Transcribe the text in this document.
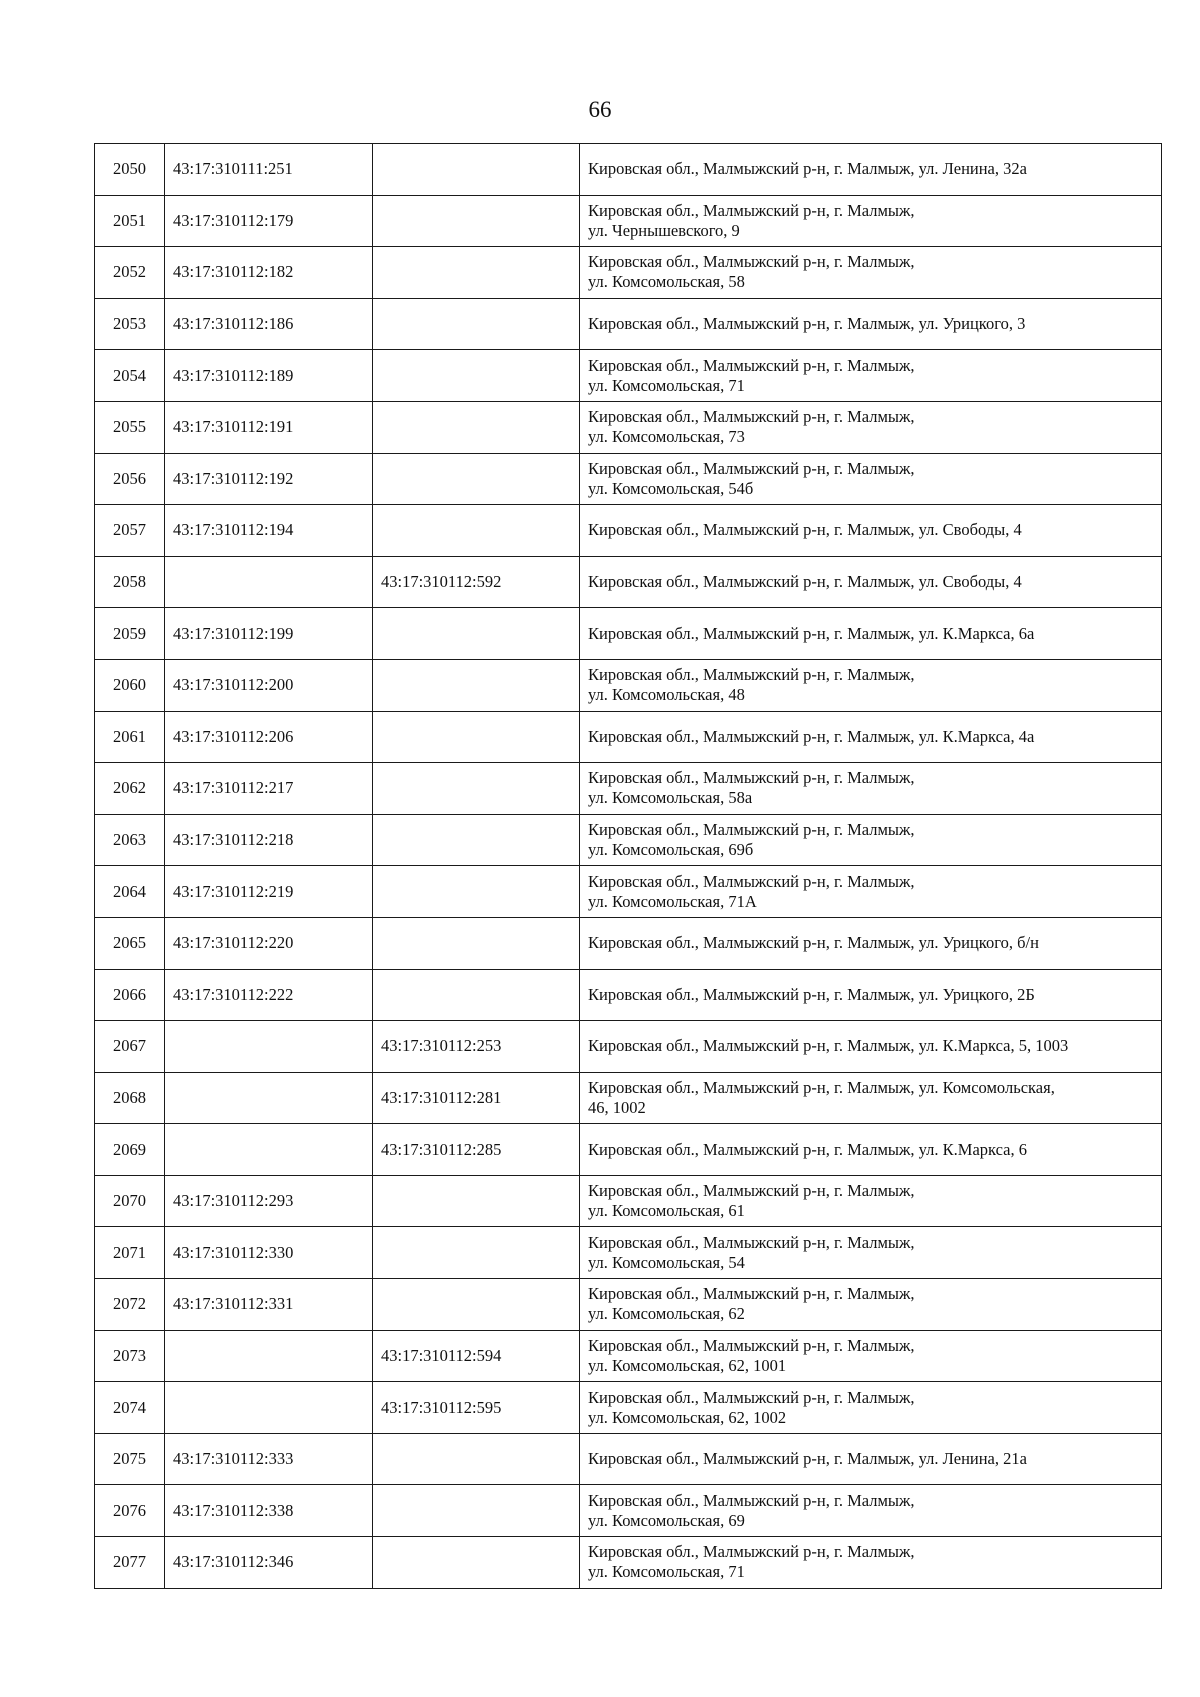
66
2050	43:17:310111:251		Кировская обл., Малмыжский р-н, г. Малмыж, ул. Ленина, 32а

2051	43:17:310112:179		Кировская обл., Малмыжский р-н, г. Малмыж,
ул. Чернышевского, 9

2052	43:17:310112:182		Кировская обл., Малмыжский р-н, г. Малмыж,
ул. Комсомольская, 58

2053	43:17:310112:186		Кировская обл., Малмыжский р-н, г. Малмыж, ул. Урицкого, 3

2054	43:17:310112:189		Кировская обл., Малмыжский р-н, г. Малмыж,
ул. Комсомольская, 71

2055	43:17:310112:191		Кировская обл., Малмыжский р-н, г. Малмыж,
ул. Комсомольская, 73

2056	43:17:310112:192		Кировская обл., Малмыжский р-н, г. Малмыж,
ул. Комсомольская, 54б

2057	43:17:310112:194		Кировская обл., Малмыжский р-н, г. Малмыж, ул. Свободы, 4

2058		43:17:310112:592	Кировская обл., Малмыжский р-н, г. Малмыж, ул. Свободы, 4

2059	43:17:310112:199		Кировская обл., Малмыжский р-н, г. Малмыж, ул. К.Маркса, 6а

2060	43:17:310112:200		Кировская обл., Малмыжский р-н, г. Малмыж,
ул. Комсомольская, 48

2061	43:17:310112:206		Кировская обл., Малмыжский р-н, г. Малмыж, ул. К.Маркса, 4а

2062	43:17:310112:217		Кировская обл., Малмыжский р-н, г. Малмыж,
ул. Комсомольская, 58а

2063	43:17:310112:218		Кировская обл., Малмыжский р-н, г. Малмыж,
ул. Комсомольская, 69б

2064	43:17:310112:219		Кировская обл., Малмыжский р-н, г. Малмыж,
ул. Комсомольская, 71А

2065	43:17:310112:220		Кировская обл., Малмыжский р-н, г. Малмыж, ул. Урицкого, б/н

2066	43:17:310112:222		Кировская обл., Малмыжский р-н, г. Малмыж, ул. Урицкого, 2Б

2067		43:17:310112:253	Кировская обл., Малмыжский р-н, г. Малмыж, ул. К.Маркса, 5, 1003

2068		43:17:310112:281	Кировская обл., Малмыжский р-н, г. Малмыж, ул. Комсомольская,
46, 1002

2069		43:17:310112:285	Кировская обл., Малмыжский р-н, г. Малмыж, ул. К.Маркса, 6

2070	43:17:310112:293		Кировская обл., Малмыжский р-н, г. Малмыж,
ул. Комсомольская, 61

2071	43:17:310112:330		Кировская обл., Малмыжский р-н, г. Малмыж,
ул. Комсомольская, 54

2072	43:17:310112:331		Кировская обл., Малмыжский р-н, г. Малмыж,
ул. Комсомольская, 62

2073		43:17:310112:594	Кировская обл., Малмыжский р-н, г. Малмыж,
ул. Комсомольская, 62, 1001

2074		43:17:310112:595	Кировская обл., Малмыжский р-н, г. Малмыж,
ул. Комсомольская, 62, 1002

2075	43:17:310112:333		Кировская обл., Малмыжский р-н, г. Малмыж, ул. Ленина, 21а

2076	43:17:310112:338		Кировская обл., Малмыжский р-н, г. Малмыж,
ул. Комсомольская, 69

2077	43:17:310112:346		Кировская обл., Малмыжский р-н, г. Малмыж,
ул. Комсомольская, 71
